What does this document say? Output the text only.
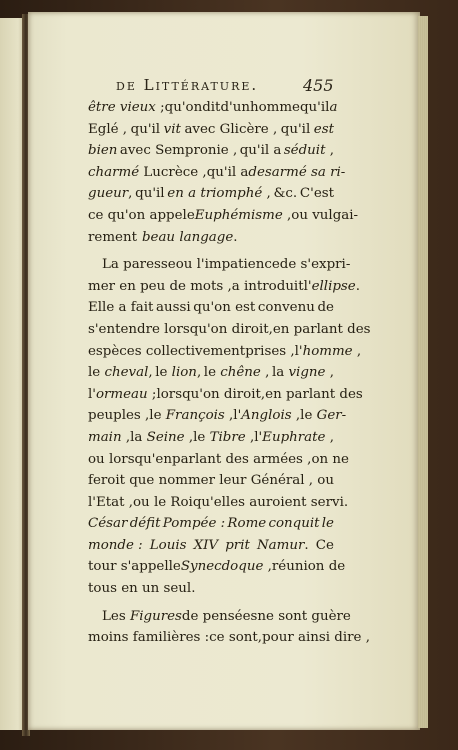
de Littérature.	455
être vieux ; qu'on dit d'un homme qu'il a
Eglé , qu'il vit avec Glicère , qu'il est
bien avec Sempronie , qu'il a séduit ,
charmé Lucrèce , qu'il a desarmé sa ri-
gueur, qu'il en a triomphé , &c. C'est
ce qu'on appele Euphémisme , ou vulgai-
rement beau langage.
La paresse ou l'impatience de s'expri-
mer en peu de mots , a introduit l'ellipse.
Elle a fait aussi qu'on est convenu de
s'entendre lorsqu'on diroit, en parlant des
espèces collectivement prises , l'homme ,
le cheval, le lion, le chêne , la vigne ,
l'ormeau ; lorsqu'on diroit, en parlant des
peuples , le François , l'Anglois , le Ger-
main , la Seine , le Tibre , l'Euphrate ,
ou lorsqu'en parlant des armées , on ne
feroit que nommer leur Général , ou
l'Etat , ou le Roi qu'elles auroient servi.
César défit Pompée : Rome conquit le
monde : Louis XIV prit Namur. Ce
tour s'appelle Synecdoque , réunion de
tous en un seul.
Les Figures de pensées ne sont guère
moins familières : ce sont, pour ainsi dire ,
